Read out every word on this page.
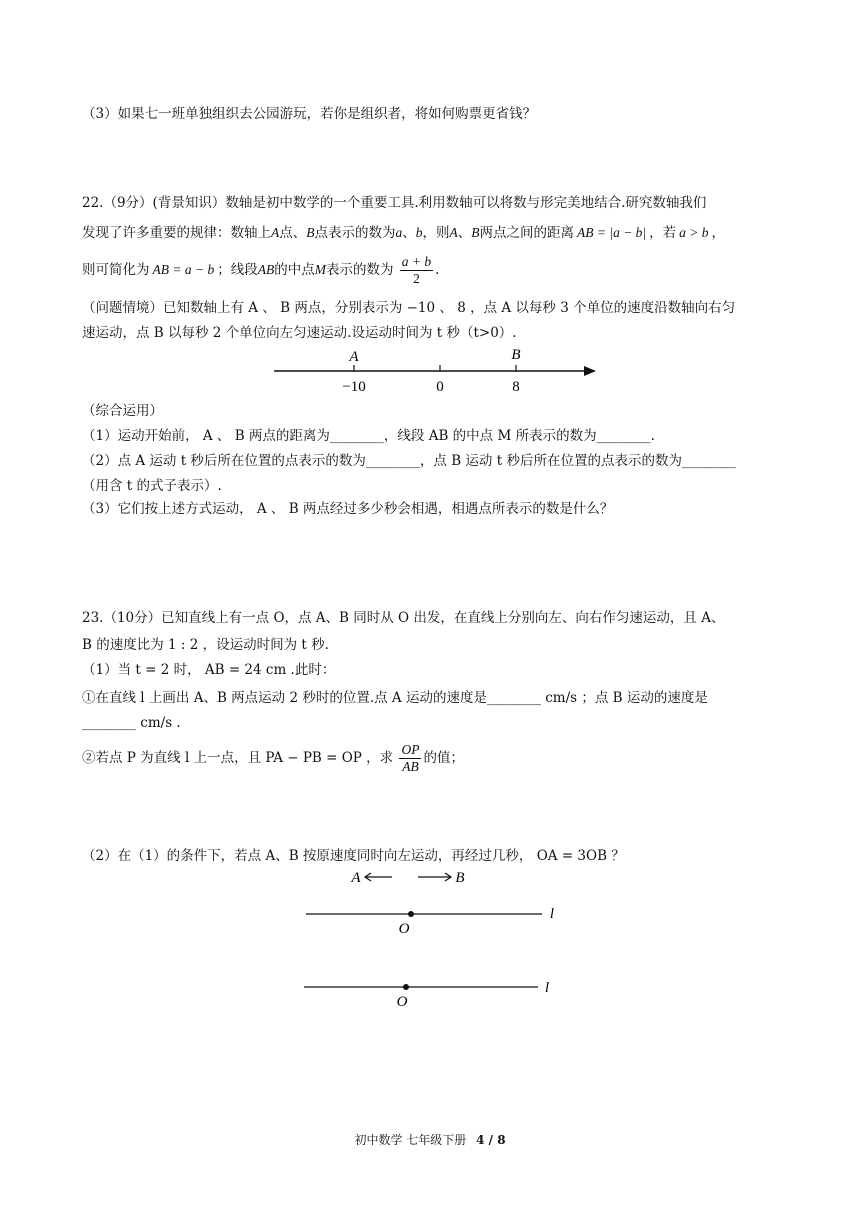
（3）如果七一班单独组织去公园游玩，若你是组织者，将如何购票更省钱？
22.（9分）(背景知识）数轴是初中数学的一个重要工具.利用数轴可以将数与形完美地结合.研究数轴我们
发现了许多重要的规律：数轴上A点、B点表示的数为a、b，则A、B两点之间的距离 AB = |a − b| ，若 a > b ，
则可简化为 AB = a − b ；线段AB的中点M表示的数为 $\frac{a + b}{2}$ .
（问题情境）已知数轴上有 A 、 B 两点，分别表示为 −10 、 8 ，点 A 以每秒 3 个单位的速度沿数轴向右匀
速运动，点 B 以每秒 2 个单位向左匀速运动.设运动时间为 t 秒（t>0）.
A	B
−10	0	8
（综合运用）
（1）运动开始前， A 、 B 两点的距离为________，线段 AB 的中点 M 所表示的数为________.
（2）点 A 运动 t 秒后所在位置的点表示的数为________，点 B 运动 t 秒后所在位置的点表示的数为________
（用含 t 的式子表示）.
（3）它们按上述方式运动， A 、 B 两点经过多少秒会相遇，相遇点所表示的数是什么？
23.（10分）已知直线上有一点 O，点 A、B 同时从 O 出发，在直线上分别向左、向右作匀速运动，且 A、
B 的速度比为 1 : 2 ，设运动时间为 t 秒.
（1）当 t = 2 时， AB = 24 cm .此时：
①在直线 l 上画出 A、B 两点运动 2 秒时的位置.点 A 运动的速度是________ cm/s ；点 B 运动的速度是
________ cm/s .
②若点 P 为直线 l 上一点，且 PA − PB = OP ，求 $\frac{OP}{AB}$ 的值；
（2）在（1）的条件下，若点 A、B 按原速度同时向左运动，再经过几秒， OA = 3OB ？
A	B
O
l
O
l
初中数学 七年级下册 4 / 8
